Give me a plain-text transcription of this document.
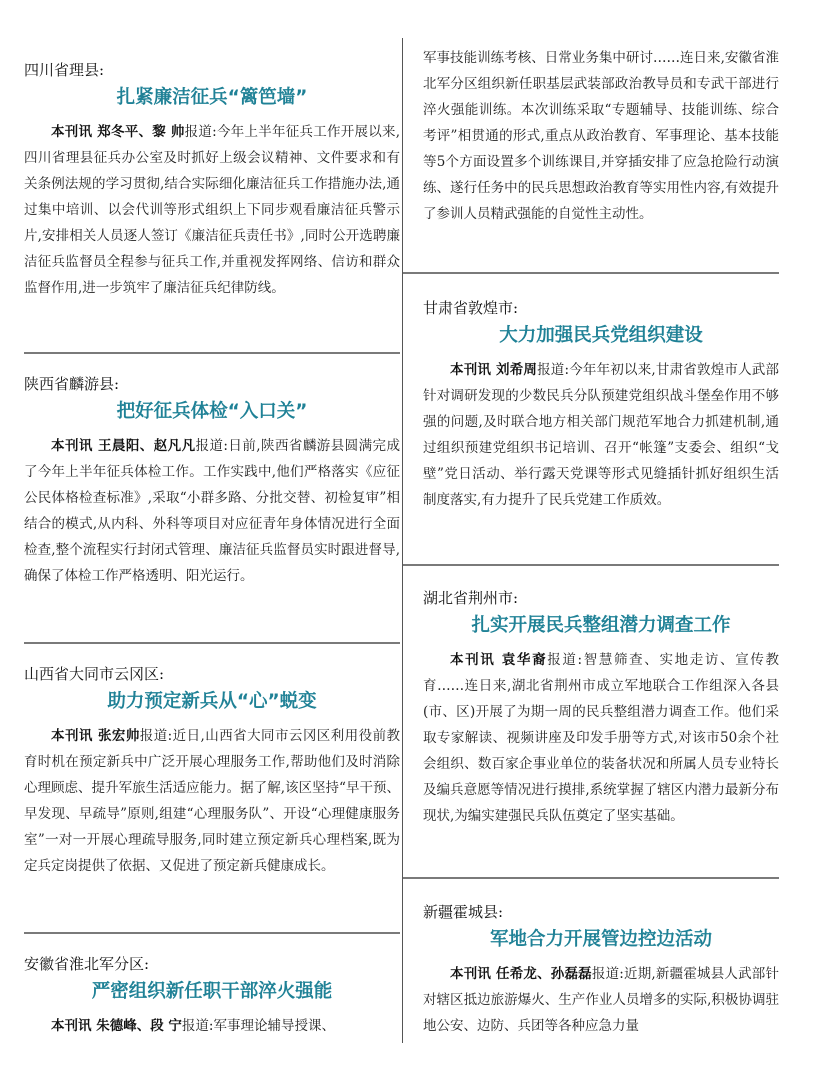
四川省理县:
扎紧廉洁征兵“篱笆墙”

本刊讯 郑冬平、黎 帅报道:今年上半年征兵工作开展以来,四川省理县征兵办公室及时抓好上级会议精神、文件要求和有关条例法规的学习贯彻,结合实际细化廉洁征兵工作措施办法,通过集中培训、以会代训等形式组织上下同步观看廉洁征兵警示片,安排相关人员逐人签订《廉洁征兵责任书》,同时公开选聘廉洁征兵监督员全程参与征兵工作,并重视发挥网络、信访和群众监督作用,进一步筑牢了廉洁征兵纪律防线。

陕西省麟游县:
把好征兵体检“入口关”

本刊讯 王晨阳、赵凡凡报道:日前,陕西省麟游县圆满完成了今年上半年征兵体检工作。工作实践中,他们严格落实《应征公民体格检查标准》,采取“小群多路、分批交替、初检复审”相结合的模式,从内科、外科等项目对应征青年身体情况进行全面检查,整个流程实行封闭式管理、廉洁征兵监督员实时跟进督导,确保了体检工作严格透明、阳光运行。

山西省大同市云冈区:
助力预定新兵从“心”蜕变

本刊讯 张宏帅报道:近日,山西省大同市云冈区利用役前教育时机在预定新兵中广泛开展心理服务工作,帮助他们及时消除心理顾虑、提升军旅生活适应能力。据了解,该区坚持“早干预、早发现、早疏导”原则,组建“心理服务队”、开设“心理健康服务室”一对一开展心理疏导服务,同时建立预定新兵心理档案,既为定兵定岗提供了依据、又促进了预定新兵健康成长。

安徽省淮北军分区:
严密组织新任职干部淬火强能

本刊讯 朱德峰、段 宁报道:军事理论辅导授课、

军事技能训练考核、日常业务集中研讨……连日来,安徽省淮北军分区组织新任职基层武装部政治教导员和专武干部进行淬火强能训练。本次训练采取“专题辅导、技能训练、综合考评”相贯通的形式,重点从政治教育、军事理论、基本技能等5个方面设置多个训练课目,并穿插安排了应急抢险行动演练、遂行任务中的民兵思想政治教育等实用性内容,有效提升了参训人员精武强能的自觉性主动性。

甘肃省敦煌市:
大力加强民兵党组织建设

本刊讯 刘希周报道:今年年初以来,甘肃省敦煌市人武部针对调研发现的少数民兵分队预建党组织战斗堡垒作用不够强的问题,及时联合地方相关部门规范军地合力抓建机制,通过组织预建党组织书记培训、召开“帐篷”支委会、组织“戈壁”党日活动、举行露天党课等形式见缝插针抓好组织生活制度落实,有力提升了民兵党建工作质效。

湖北省荆州市:
扎实开展民兵整组潜力调查工作

本刊讯 袁华裔报道:智慧筛查、实地走访、宣传教育……连日来,湖北省荆州市成立军地联合工作组深入各县(市、区)开展了为期一周的民兵整组潜力调查工作。他们采取专家解读、视频讲座及印发手册等方式,对该市50余个社会组织、数百家企事业单位的装备状况和所属人员专业特长及编兵意愿等情况进行摸排,系统掌握了辖区内潜力最新分布现状,为编实建强民兵队伍奠定了坚实基础。

新疆霍城县:
军地合力开展管边控边活动

本刊讯 任希龙、孙磊磊报道:近期,新疆霍城县人武部针对辖区抵边旅游爆火、生产作业人员增多的实际,积极协调驻地公安、边防、兵团等各种应急力量
